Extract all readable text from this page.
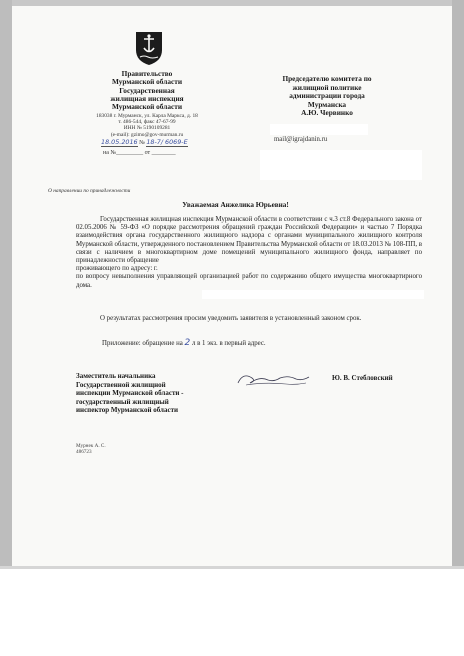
Правительство
Мурманской области
Государственная
жилищная инспекция
Мурманской области
183038 г. Мурманск, ул. Карла Маркса, д. 18
т. 486-544, факс 47-67-99
ИНН № 5190109281
(e-mail): gzimo@gov-murman.ru
18.05.2016 № 18-7/ 6069-Е
на №_________ от ________
Председателю комитета по
жилищной политике
администрации города
Мурманска
А.Ю. Червинко
mail@igrajdanin.ru
О направлении по принадлежности
Уважаемая Анжелика Юрьевна!

Государственная жилищная инспекция Мурманской области в соответствии с ч.3 ст.8 Федерального закона от 02.05.2006 № 59-ФЗ «О порядке рассмотрения обращений граждан Российской Федерации» и частью 7 Порядка взаимодействия органа государственного жилищного надзора с органами муниципального жилищного контроля Мурманской области, утвержденного постановлением Правительства Мурманской области от 18.03.2013 № 108-ПП, в связи с наличием в многоквартирном доме помещений муниципального жилищного фонда, направляет по принадлежности обращение

проживающего по адресу: г.
по вопросу невыполнения управляющей организацией работ по содержанию общего имущества многоквартирного дома.
О результатах рассмотрения просим уведомить заявителя в установленный законом срок.
Приложение: обращение на 2 л в 1 экз. в первый адрес.
Заместитель начальника
Государственной жилищной
инспекции Мурманской области -
государственный жилищный
инспектор Мурманской области
Ю. В. Стебловский
Мурнек А. С.
486723
